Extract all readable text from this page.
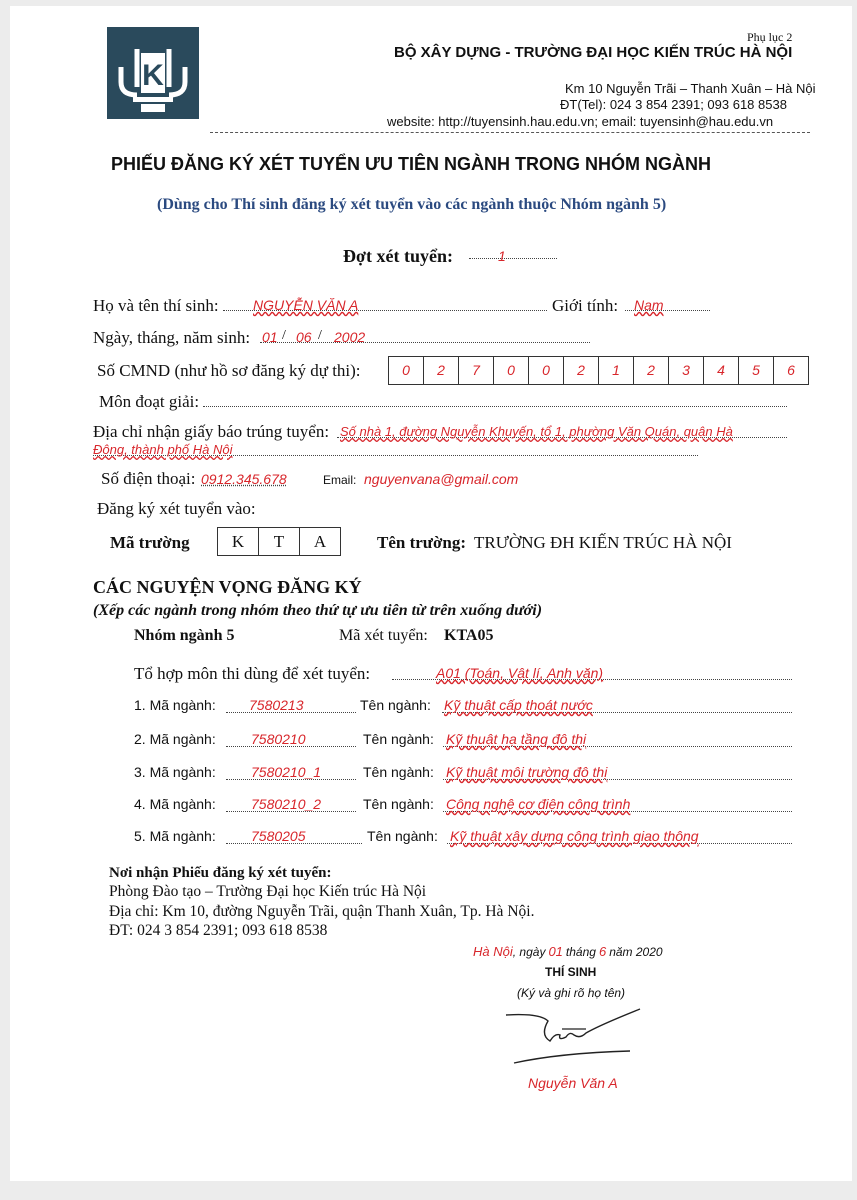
K
Phụ lục 2
BỘ XÂY DỰNG - TRƯỜNG ĐẠI HỌC KIẾN TRÚC HÀ NỘI
Km 10 Nguyễn Trãi – Thanh Xuân – Hà Nội
ĐT(Tel): 024 3 854 2391; 093 618 8538
website: http://tuyensinh.hau.edu.vn; email: tuyensinh@hau.edu.vn
PHIẾU ĐĂNG KÝ XÉT TUYỂN ƯU TIÊN NGÀNH TRONG NHÓM NGÀNH
(Dùng cho Thí sinh đăng ký xét tuyển vào các ngành thuộc Nhóm ngành 5)
Đợt xét tuyển:	1
Họ và tên thí sinh: NGUYỄN VĂN A	Giới tính: Nam
Ngày, tháng, năm sinh: 01 / 06 / 2002
Số CMND (như hồ sơ đăng ký dự thi):	0	2	7	0	0	2	1	2	3	4	5	6
Môn đoạt giải:
Địa chỉ nhận giấy báo trúng tuyển: Số nhà 1, đường Nguyễn Khuyến, tổ 1, phường Văn Quán, quận Hà
Đông, thành phố Hà Nội
Số điện thoại: 0912.345.678	Email: nguyenvana@gmail.com
Đăng ký xét tuyển vào:
Mã trường	K	T	A	Tên trường: TRƯỜNG ĐH KIẾN TRÚC HÀ NỘI
CÁC NGUYỆN VỌNG ĐĂNG KÝ
(Xếp các ngành trong nhóm theo thứ tự ưu tiên từ trên xuống dưới)
Nhóm ngành 5	Mã xét tuyển: KTA05
Tổ hợp môn thi dùng để xét tuyển:	A01 (Toán, Vật lí, Anh văn)
1. Mã ngành: 7580213	Tên ngành: Kỹ thuật cấp thoát nước
2. Mã ngành:	7580210	Tên ngành: Kỹ thuật hạ tầng đô thị
3. Mã ngành:	7580210_1	Tên ngành: Kỹ thuật môi trường đô thị
4. Mã ngành:	7580210_2	Tên ngành: Công nghệ cơ điện công trình
5. Mã ngành:	7580205	Tên ngành: Kỹ thuật xây dựng công trình giao thông
Nơi nhận Phiếu đăng ký xét tuyển:
Phòng Đào tạo – Trường Đại học Kiến trúc Hà Nội
Địa chỉ: Km 10, đường Nguyễn Trãi, quận Thanh Xuân, Tp. Hà Nội.
ĐT: 024 3 854 2391; 093 618 8538
Hà Nội, ngày 01 tháng 6 năm 2020
THÍ SINH
(Ký và ghi rõ họ tên)
Nguyễn Văn A
